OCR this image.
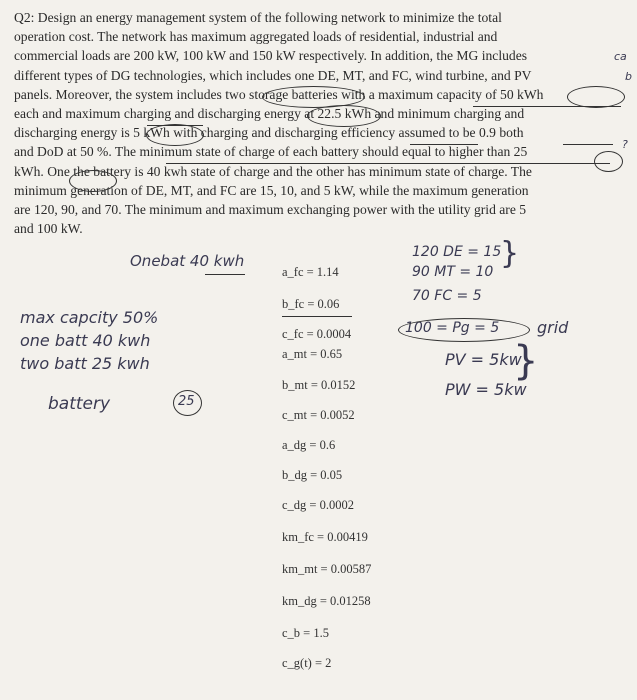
Q2: Design an energy management system of the following network to minimize the total
operation cost. The network has maximum aggregated loads of residential, industrial and
commercial loads are 200 kW, 100 kW and 150 kW respectively. In addition, the MG includes
different types of DG technologies, which includes one DE, MT, and FC, wind turbine, and PV
panels. Moreover, the system includes two storage batteries with a maximum capacity of 50 kWh
each and maximum charging and discharging energy at 22.5 kWh and minimum charging and
discharging energy is 5 kWh with charging and discharging efficiency assumed to be 0.9 both
and DoD at 50 %. The minimum state of charge of each battery should equal to higher than 25
kWh. One the battery is 40 kwh state of charge and the other has minimum state of charge. The
minimum generation of DE, MT, and FC are 15, 10, and 5 kW, while the maximum generation
are 120, 90, and 70. The minimum and maximum exchanging power with the utility grid are 5
and 100 kW.
ca
b
?
Onebat 40 kwh
max capcity 50%
one batt 40 kwh
two batt 25 kwh
battery	25
120 DE = 15
90 MT = 10
70 FC = 5
}
100 = Pg = 5 grid
PV = 5kw
PW = 5kw
}
a_fc = 1.14
b_fc = 0.06
c_fc = 0.0004
a_mt = 0.65
b_mt = 0.0152
c_mt = 0.0052
a_dg = 0.6
b_dg = 0.05
c_dg = 0.0002
km_fc = 0.00419
km_mt = 0.00587
km_dg = 0.01258
c_b = 1.5
c_g(t) = 2
